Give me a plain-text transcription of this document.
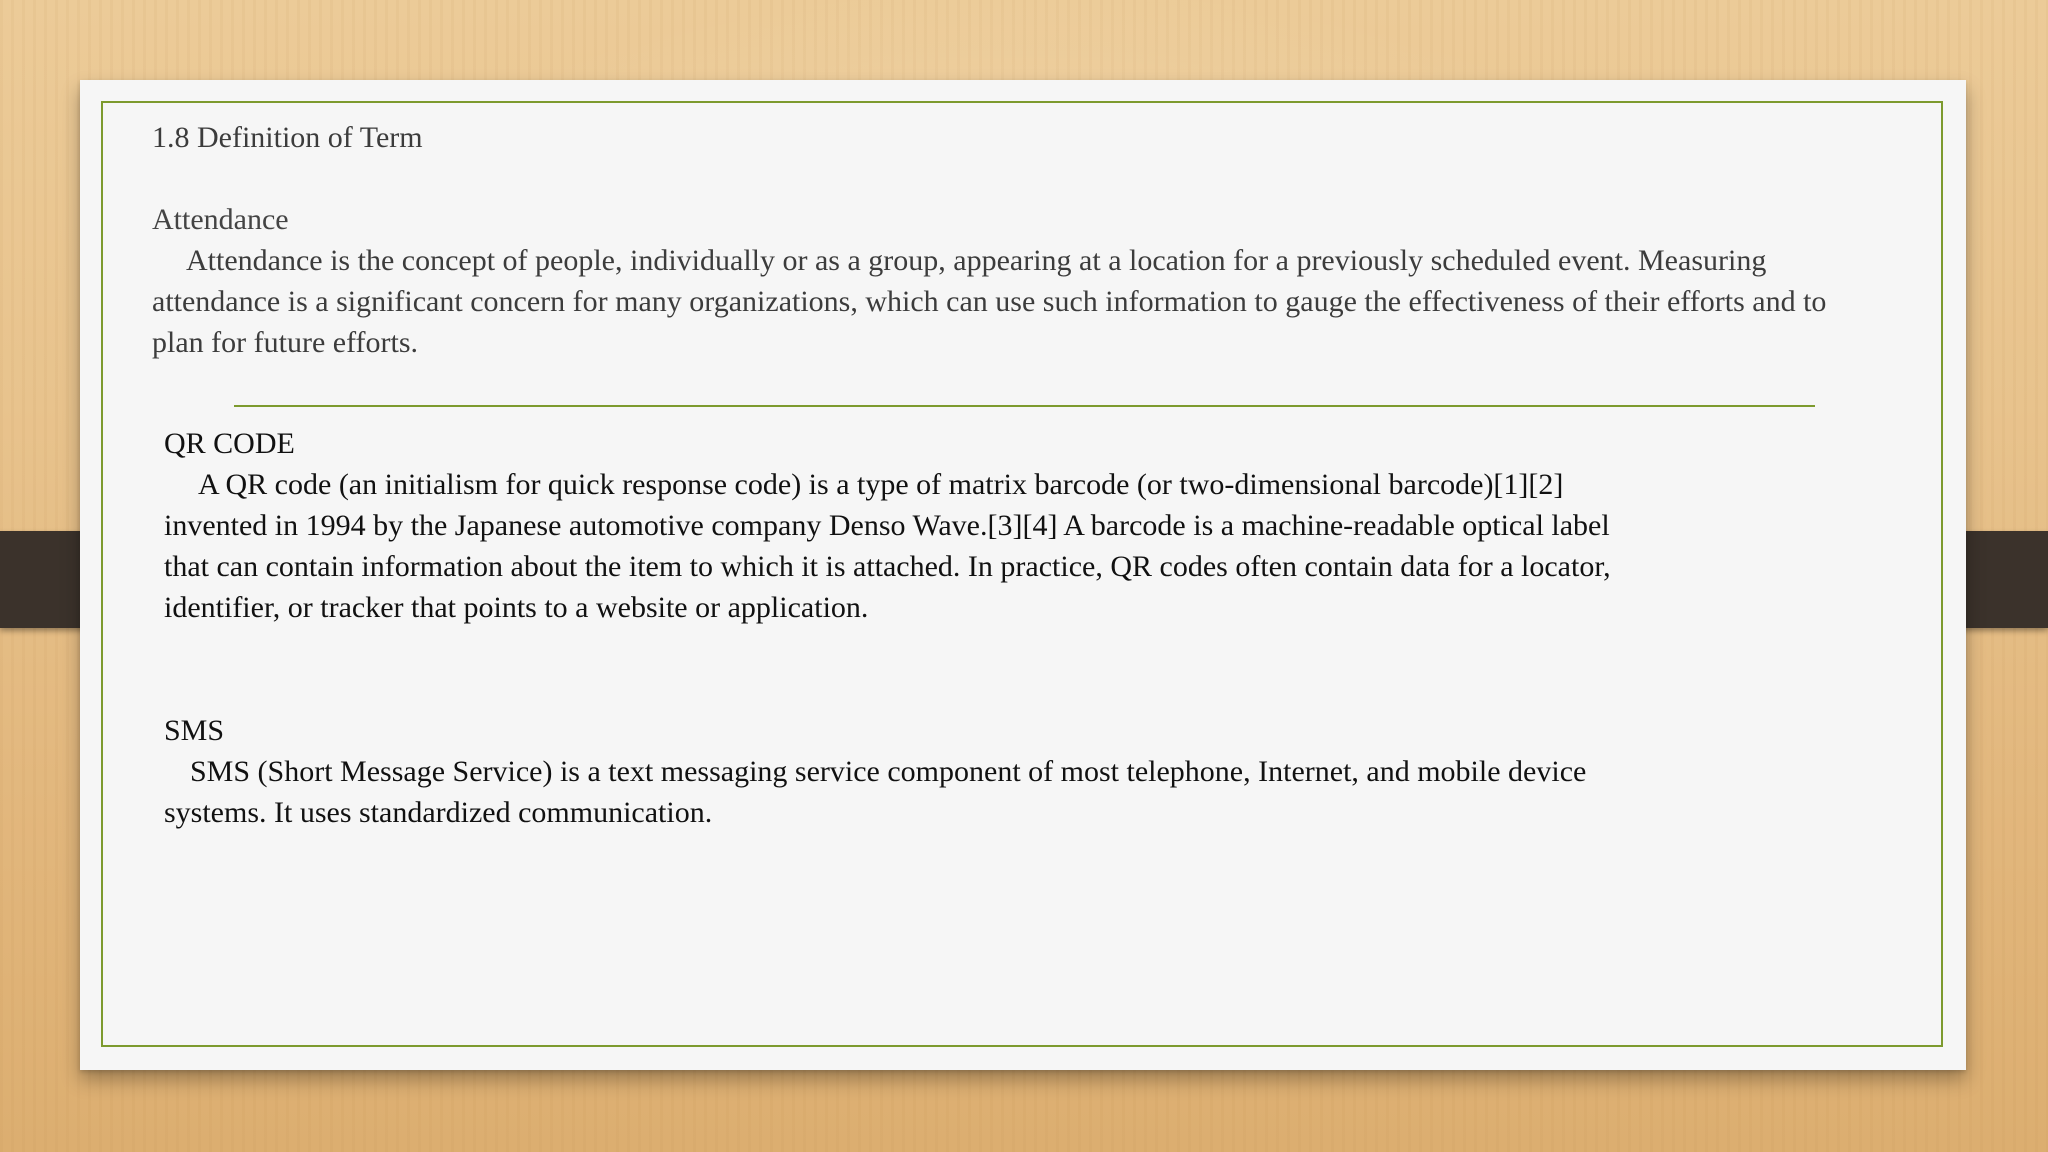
1.8 Definition of Term
Attendance
Attendance is the concept of people, individually or as a group, appearing at a location for a previously scheduled event. Measuring attendance is a significant concern for many organizations, which can use such information to gauge the effectiveness of their efforts and to plan for future efforts.
QR CODE
A QR code (an initialism for quick response code) is a type of matrix barcode (or two-dimensional barcode)[1][2] invented in 1994 by the Japanese automotive company Denso Wave.[3][4] A barcode is a machine-readable optical label that can contain information about the item to which it is attached. In practice, QR codes often contain data for a locator, identifier, or tracker that points to a website or application.
SMS
SMS (Short Message Service) is a text messaging service component of most telephone, Internet, and mobile device systems. It uses standardized communication.
